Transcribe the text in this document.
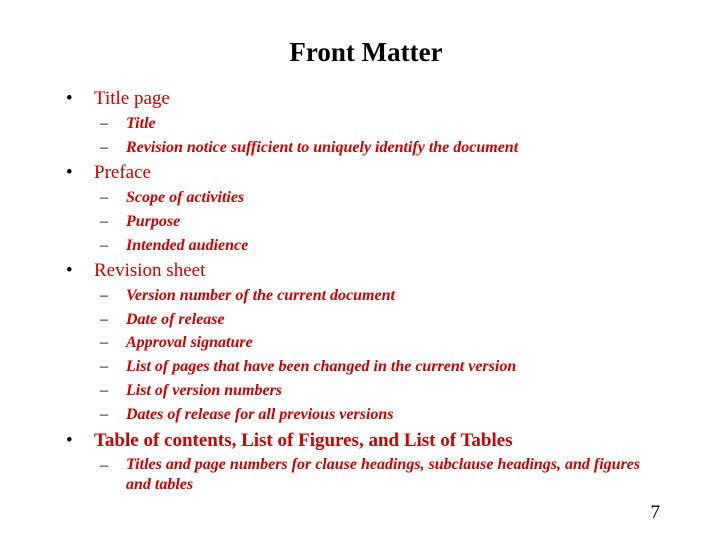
Front Matter
• Title page
– Title
– Revision notice sufficient to uniquely identify the document
• Preface
– Scope of activities
– Purpose
– Intended audience
• Revision sheet
– Version number of the current document
– Date of release
– Approval signature
– List of pages that have been changed in the current version
– List of version numbers
– Dates of release for all previous versions
• Table of contents, List of Figures, and List of Tables
– Titles and page numbers for clause headings, subclause headings, and figures and tables
7
